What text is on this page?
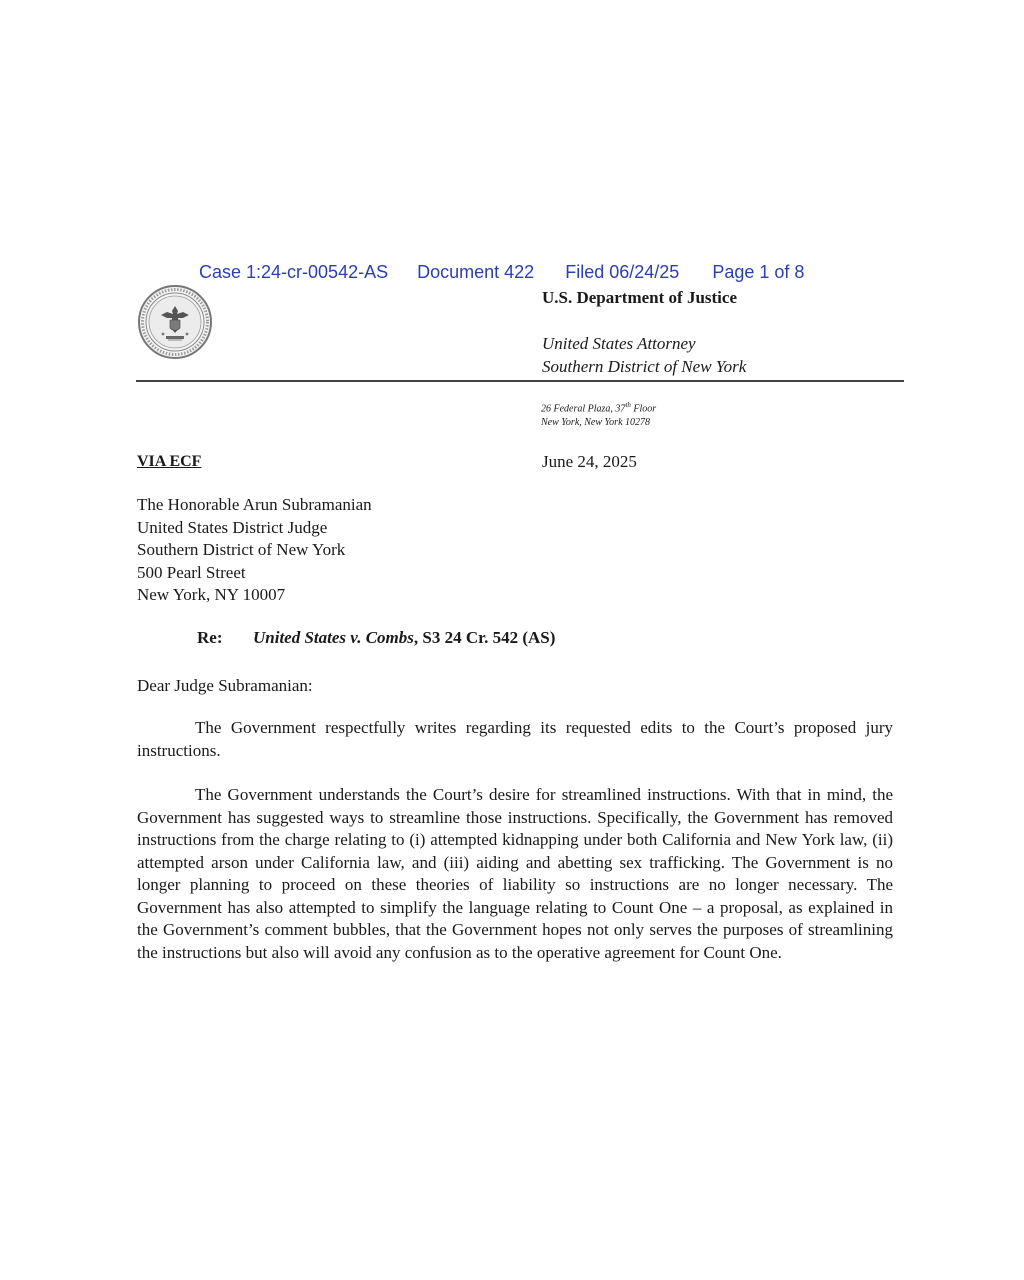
Case 1:24-cr-00542-AS Document 422 Filed 06/24/25 Page 1 of 8
U.S. Department of Justice
United States Attorney
Southern District of New York
26 Federal Plaza, 37th Floor
New York, New York 10278
VIA ECF	June 24, 2025
The Honorable Arun Subramanian
United States District Judge
Southern District of New York
500 Pearl Street
New York, NY 10007
Re: United States v. Combs, S3 24 Cr. 542 (AS)
Dear Judge Subramanian:

The Government respectfully writes regarding its requested edits to the Court’s proposed jury instructions.

The Government understands the Court’s desire for streamlined instructions. With that in mind, the Government has suggested ways to streamline those instructions. Specifically, the Government has removed instructions from the charge relating to (i) attempted kidnapping under both California and New York law, (ii) attempted arson under California law, and (iii) aiding and abetting sex trafficking. The Government is no longer planning to proceed on these theories of liability so instructions are no longer necessary. The Government has also attempted to simplify the language relating to Count One – a proposal, as explained in the Government’s comment bubbles, that the Government hopes not only serves the purposes of streamlining the instructions but also will avoid any confusion as to the operative agreement for Count One.
